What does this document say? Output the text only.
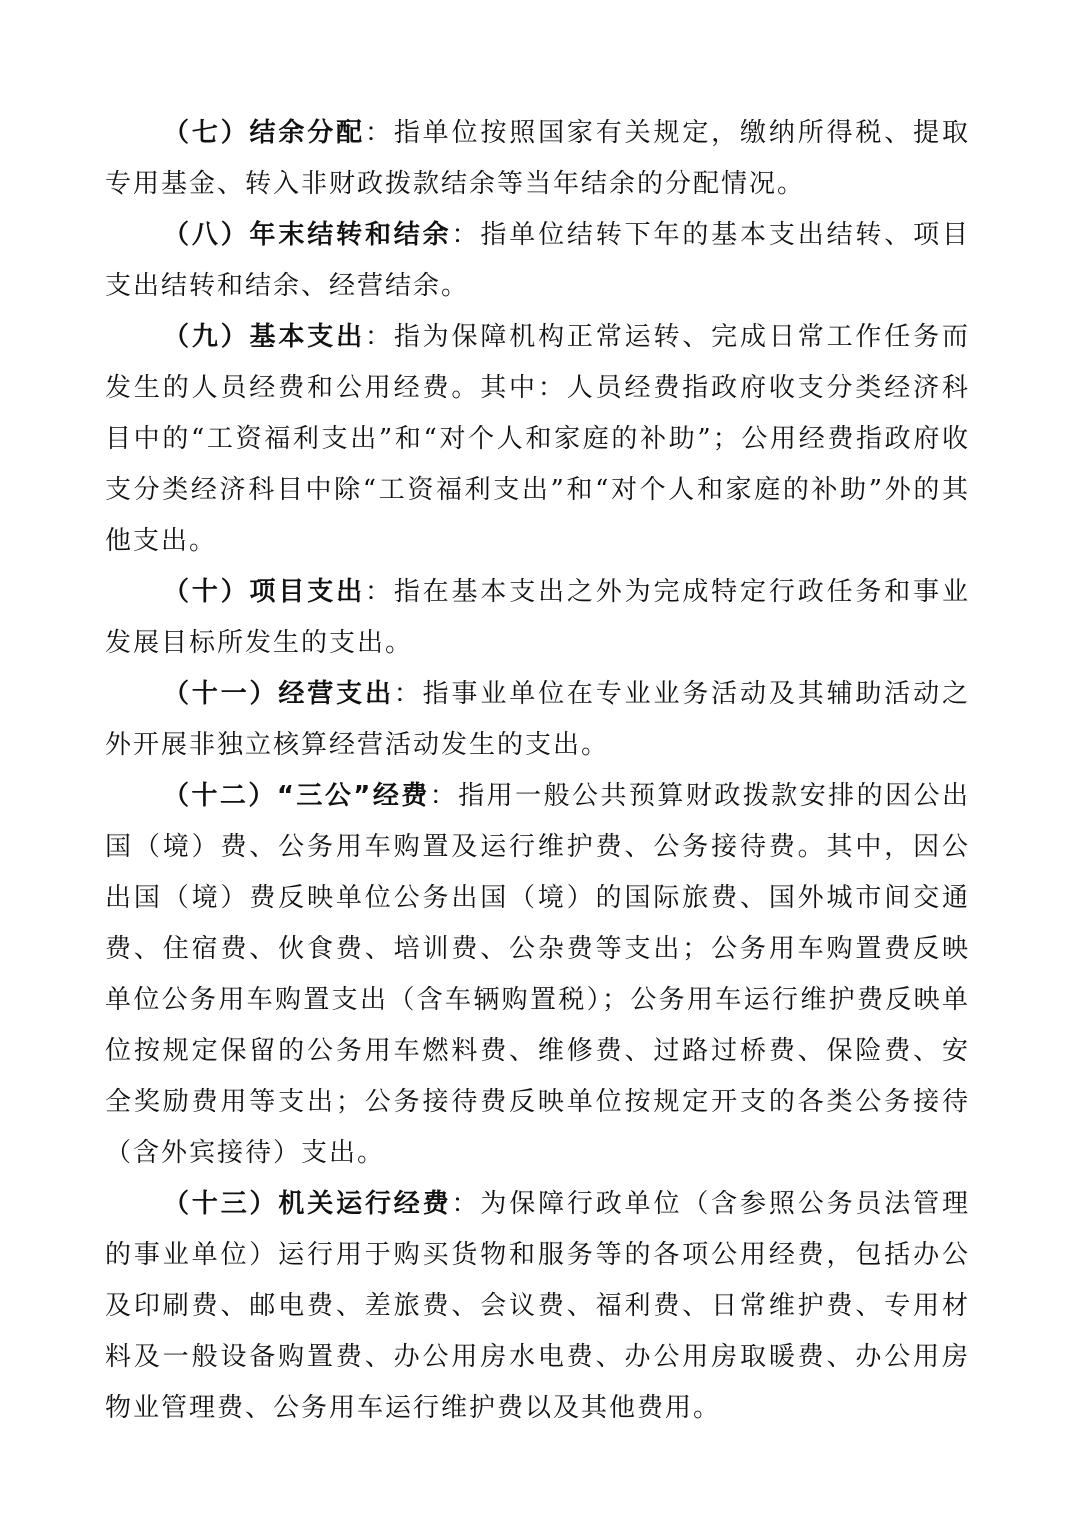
（七）结余分配：指单位按照国家有关规定，缴纳所得税、提取专用基金、转入非财政拨款结余等当年结余的分配情况。

（八）年末结转和结余：指单位结转下年的基本支出结转、项目支出结转和结余、经营结余。

（九）基本支出：指为保障机构正常运转、完成日常工作任务而发生的人员经费和公用经费。其中：人员经费指政府收支分类经济科目中的“工资福利支出”和“对个人和家庭的补助”；公用经费指政府收支分类经济科目中除“工资福利支出”和“对个人和家庭的补助”外的其他支出。

（十）项目支出：指在基本支出之外为完成特定行政任务和事业发展目标所发生的支出。

（十一）经营支出：指事业单位在专业业务活动及其辅助活动之外开展非独立核算经营活动发生的支出。

（十二）“三公”经费：指用一般公共预算财政拨款安排的因公出国（境）费、公务用车购置及运行维护费、公务接待费。其中，因公出国（境）费反映单位公务出国（境）的国际旅费、国外城市间交通费、住宿费、伙食费、培训费、公杂费等支出；公务用车购置费反映单位公务用车购置支出（含车辆购置税）；公务用车运行维护费反映单位按规定保留的公务用车燃料费、维修费、过路过桥费、保险费、安全奖励费用等支出；公务接待费反映单位按规定开支的各类公务接待（含外宾接待）支出。

（十三）机关运行经费：为保障行政单位（含参照公务员法管理的事业单位）运行用于购买货物和服务等的各项公用经费，包括办公及印刷费、邮电费、差旅费、会议费、福利费、日常维护费、专用材料及一般设备购置费、办公用房水电费、办公用房取暖费、办公用房物业管理费、公务用车运行维护费以及其他费用。
